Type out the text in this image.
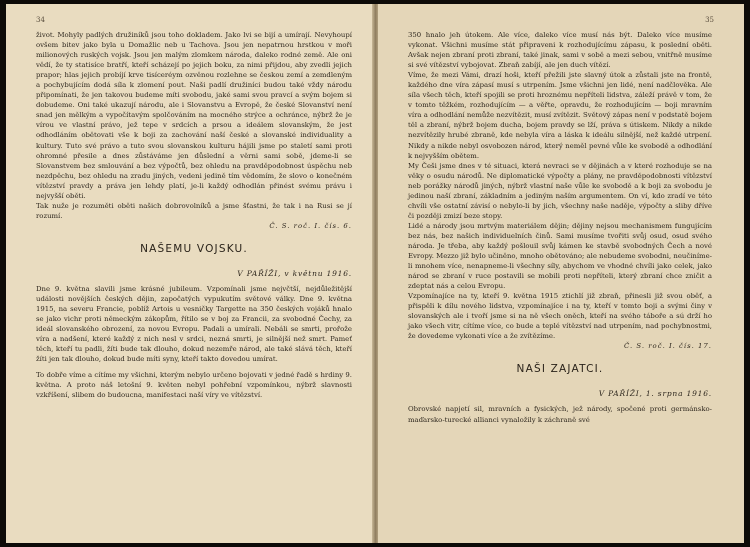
34

život. Mohyly padlých družiníků jsou toho dokladem. Jako lvi se bijí a umírají. Nevyhoupí ovšem bitev jako byla u Domažlic neb u Tachova. Jsou jen nepatrnou hrstkou v moři milionových ruských vojsk. Jsou jen malým zlomkem národa, daleko rodné země. Ale oni vědí, že ty statisíce bratří, kteří scházejí po jejich boku, za nimi přijdou, aby zvedli jejich prapor; hlas jejich probíjí krve tisíceréym ozvěnou rozlehne se českou zemí a zemdleným a pochybujícím dodá síla k zlomení pout. Naši padlí družiníci budou také vždy národu připomínati, že jen takovou budeme míti svobodu, jaké sami svou pravcí a svým bojem si dobudeme. Oni také ukazují národu, ale i Slovanstvu a Evropě, že české Slovanství není snad jen mělkým a vypočítavým spolčováním na mocného strýce a ochránce, nýbrž že je vírou ve vlastní právo, jež tepe v srdcích a prsou a ideálem slovanským, že jest odhodláním obětovati vše k boji za zachování naší české a slovanské individuality a kultury. Tuto své právo a tuto svou slovanskou kulturu hájili jsme po staletí sami proti ohromné přesile a dnes zůstáváme jen důslední a věrni sami sobě, jdeme-li se Slovanstvem bez smlouvání a bez výpočtů, bez ohledu na pravděpodobnost úspěchu neb nezdpěchu, bez ohledu na zradu jiných, vedeni jedině tím vědomím, že slovo o konečném vítězství pravdy a práva jen lehdy platí, je-li každý odhodlán přinést svému právu i nejvyšší oběti.

Tak nuže je rozuměti oběti našich dobrovolníků a jsme šťastni, že tak i na Rusi se jí rozumí.

Č. S. roč. I. čís. 6.

NAŠEMU VOJSKU.

V PAŘÍŽI, v květnu 1916.

Dne 9. května slavili jsme krásné jubileum. Vzpomínali jsme nejvčtší, nejdůležitější události novějších českých dějin, započatých vypukutím světové války. Dne 9. května 1915, na severu Francie, poblíž Artois u vesničky Targette na 350 českých vojáků hnalo se jako vichr proti německým zákopům, řítilo se v boj za Francii, za svobodné Čechy, za ideál slovanského obrození, za novou Evropu. Padali a umírali. Nebáli se smrti, prořože víra a nadšení, které každý z nich nesl v srdci, nezná smrti, je silnější než smrt. Pameť těch, kteří tu padli, žíti bude tak dlouho, dokud nezemře národ, ale také slává těch, kteří žíti jen tak dlouho, dokud bude míti syny, kteří takto dovedou umírat.

To dobře víme a cítíme my všichni, kterým nebylo určeno bojovati v jedné řadě s hrdiny 9. května. A proto náš letošní 9. květen nebyl pohřební vzpomínkou, nýbrž slavnosti vzkříšení, slibem do budoucna, manifestaci naší víry ve vítězství.

35

350 hnalo jeh útokem. Ale více, daleko více musí nás být. Daleko více musíme vykonat. Všichni musíme stát připraveni k rozhodujícímu zápasu, k poslední oběti. Avšak nejen zbraní proti zbraní, také jinak, sami v sobě a mezi sebou, vnitřně musíme si své vítězství vybojovat. Zbraň zabíjí, ale jen duch vítězí.

Víme, že mezi Vámi, drazí hoši, kteří přežili jste slavný útok a zůstali jste na frontě, každého dne víra zápasí musí s utrpením. Jsme všichni jen lidé, není nadčlověka. Ale síla všech těch, kteří spojili se proti hroznému nepříteli lidstva, záleží právě v tom, že v tomto těžkém, rozhodujícím — a věřte, opravdu, že rozhodujícím — boji mravním víra a odhodlání nemůže nezvítězit, musí zvítězit. Světový zápas není v podstatě bojem těl a zbraní, nýbrž bojem ducha, bojem pravdy se lží, práva s útiskem. Nikdy a nikde nezvítězily hrubé zbraně, kde nebyla víra a láska k ideálu silnější, než každé utrpení. Nikdy a nikde nebyl osvobozen národ, který neměl pevné vůle ke svobodě a odhodlání k nejvyšším obětem.

My Češi jsme dnes v té situaci, která nevraci se v dějinách a v které rozhoduje se na věky o osudu národů. Ne diplomatické výpočty a plány, ne pravděpodobnosti vítězství neb porážky národů jiných, nýbrž vlastní naše vůle ke svobodě a k boji za svobodu je jedinou naší zbraní, základním a jediným naším argumentem. On ví, kdo zradí ve této chvíli vše ostatní závisí o nebylo-li by jich, všechny naše naděje, výpočty a sliby dříve či později zmizí beze stopy.

Lidé a národy jsou mrtvým materiálem dějin; dějiny nejsou mechanismem fungujícím bez nás, bez našich individuelních činů. Sami musíme tvořiti svůj osud, osud svého národa. Je třeba, aby každý pošlouil svůj kámen ke stavbě svobodných Čech a nové Evropy. Mezzo již bylo učiněno, mnoho obětováno; ale nebudeme svobodni, neučiníme-li mnohem více, nenapneme-li všechny síly, abychom ve vhodné chvíli jako celek, jako národ se zbraní v ruce postavili se mobili proti nepříteli, který zbraní chce zničit a zdeptat nás a celou Evropu.

Vzpomínajíce na ty, kteří 9. května 1915 ztichlí již zbraň, přinesli již svou oběť, a přispěli k dílu nového lidstva, vzpomínajíce i na ty, kteří v tomto boji a svými činy v slovanských ale i tvoří jsme si na ně všech oněch, kteří na svého táboře a sú drží ho jako všech vitr, cítíme více, co bude a teplé vítězství nad utrpením, nad pochybnostmi, že dovedeme vykonati více a že zvítězíme.

Č. S. roč. I. čís. 17.

NAŠI ZAJATCI.

V PAŘÍŽI, 1. srpna 1916.

Obrovské napjetí sil, mravních a fysických, jež národy, spočené proti germánsko-maďarsko-turecké allianci vynaložily k záchraně své
